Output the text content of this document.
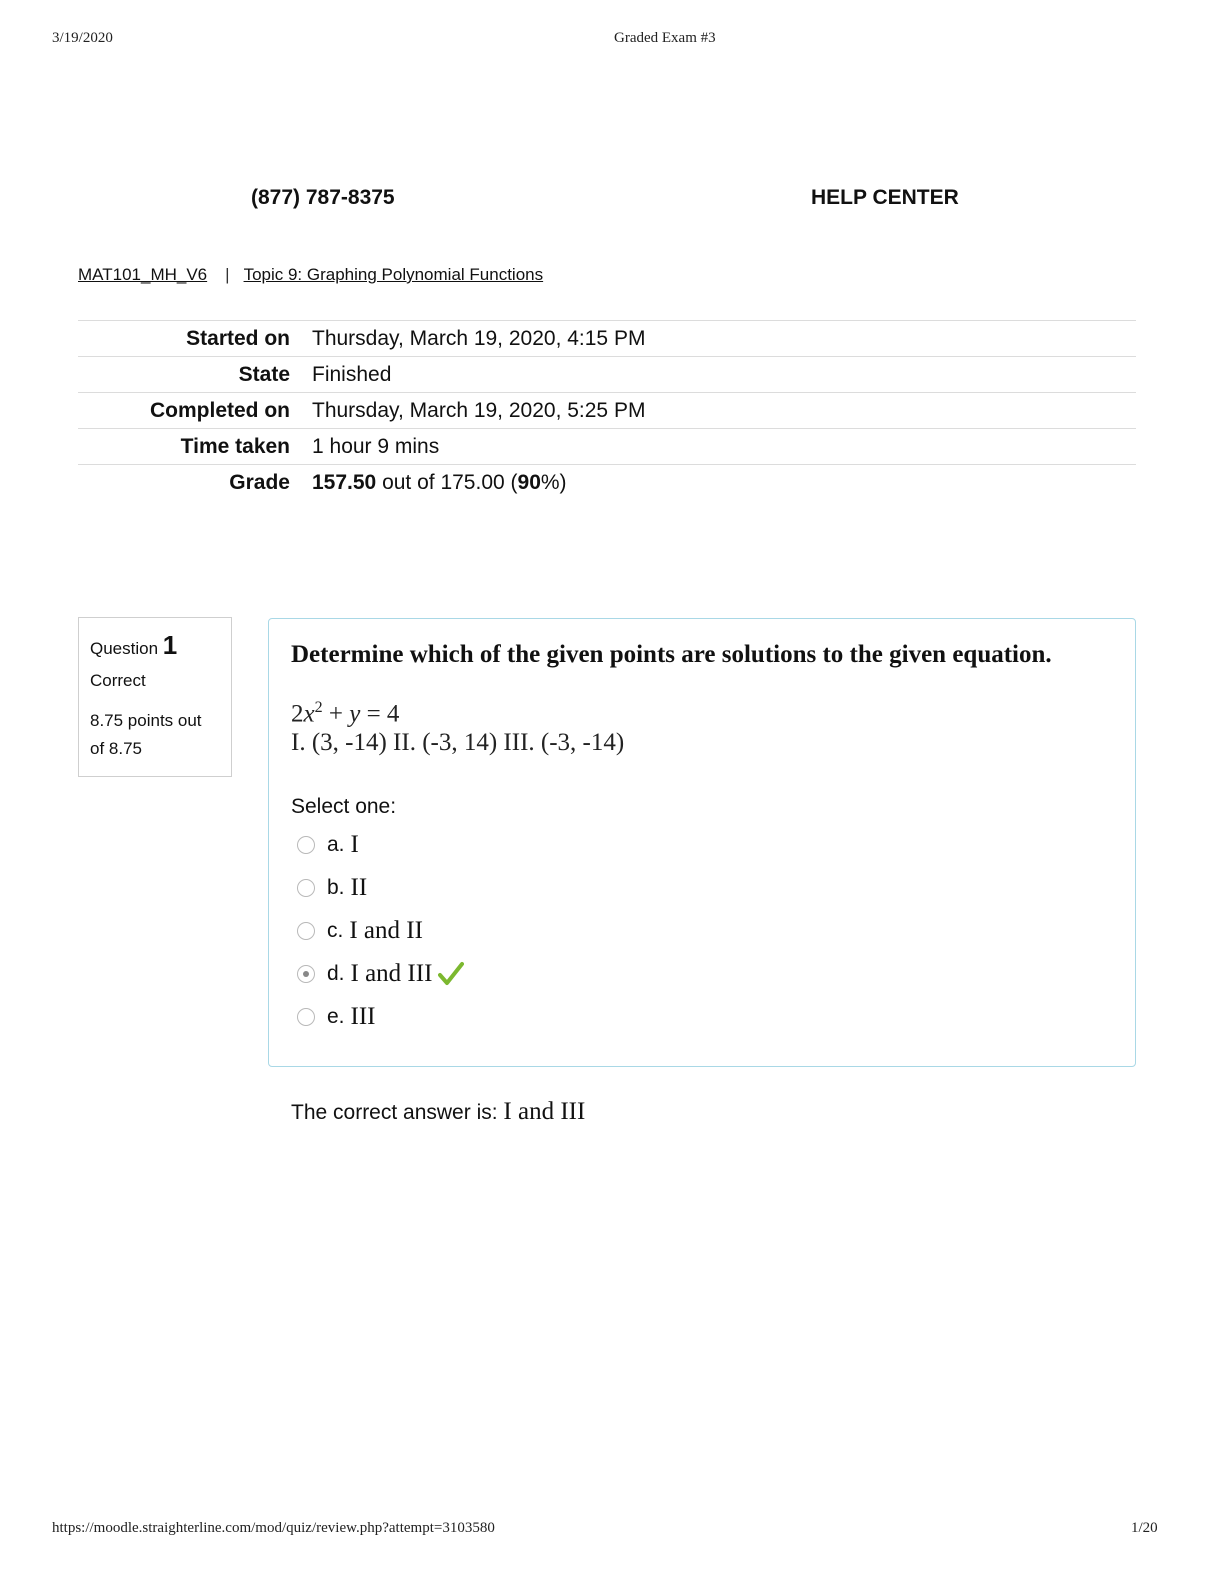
3/19/2020	Graded Exam #3
(877) 787-8375	HELP CENTER
MAT101_MH_V6 | Topic 9: Graphing Polynomial Functions
Started on	Thursday, March 19, 2020, 4:15 PM
State	Finished
Completed on	Thursday, March 19, 2020, 5:25 PM
Time taken	1 hour 9 mins
Grade	157.50 out of 175.00 (90%)
Question 1
Correct
8.75 points out of 8.75
Determine which of the given points are solutions to the given equation.
$2x^2 + y = 4$
I. (3, -14) II. (-3, 14) III. (-3, -14)
Select one:
a. I
b. II
c. I and II
d. I and III
e. III
The correct answer is: I and III
https://moodle.straighterline.com/mod/quiz/review.php?attempt=3103580	1/20
